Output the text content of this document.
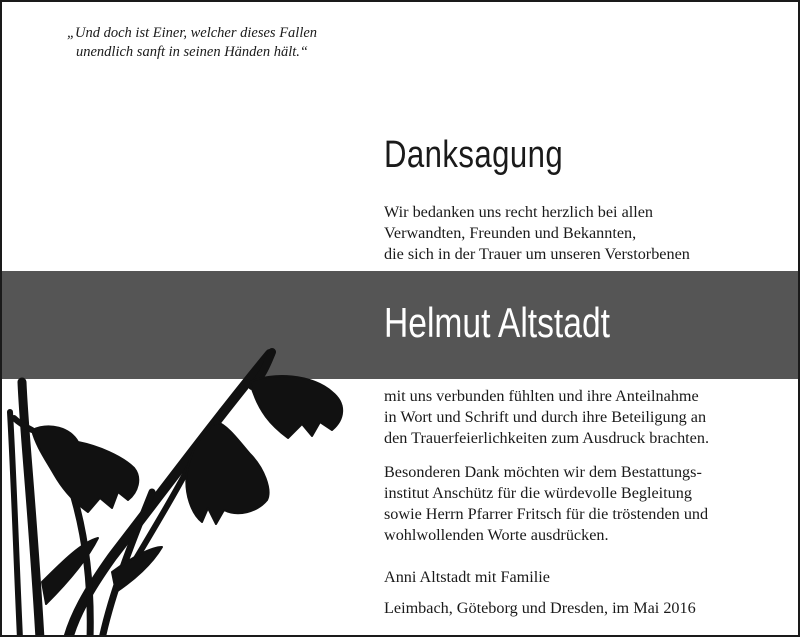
„Und doch ist Einer, welcher dieses Fallen
unendlich sanft in seinen Händen hält.“
Danksagung
Wir bedanken uns recht herzlich bei allen
Verwandten, Freunden und Bekannten,
die sich in der Trauer um unseren Verstorbenen
Helmut Altstadt
mit uns verbunden fühlten und ihre Anteilnahme
in Wort und Schrift und durch ihre Beteiligung an
den Trauerfeierlichkeiten zum Ausdruck brachten.
Besonderen Dank möchten wir dem Bestattungs-
institut Anschütz für die würdevolle Begleitung
sowie Herrn Pfarrer Fritsch für die tröstenden und
wohlwollenden Worte ausdrücken.
Anni Altstadt mit Familie
Leimbach, Göteborg und Dresden, im Mai 2016
